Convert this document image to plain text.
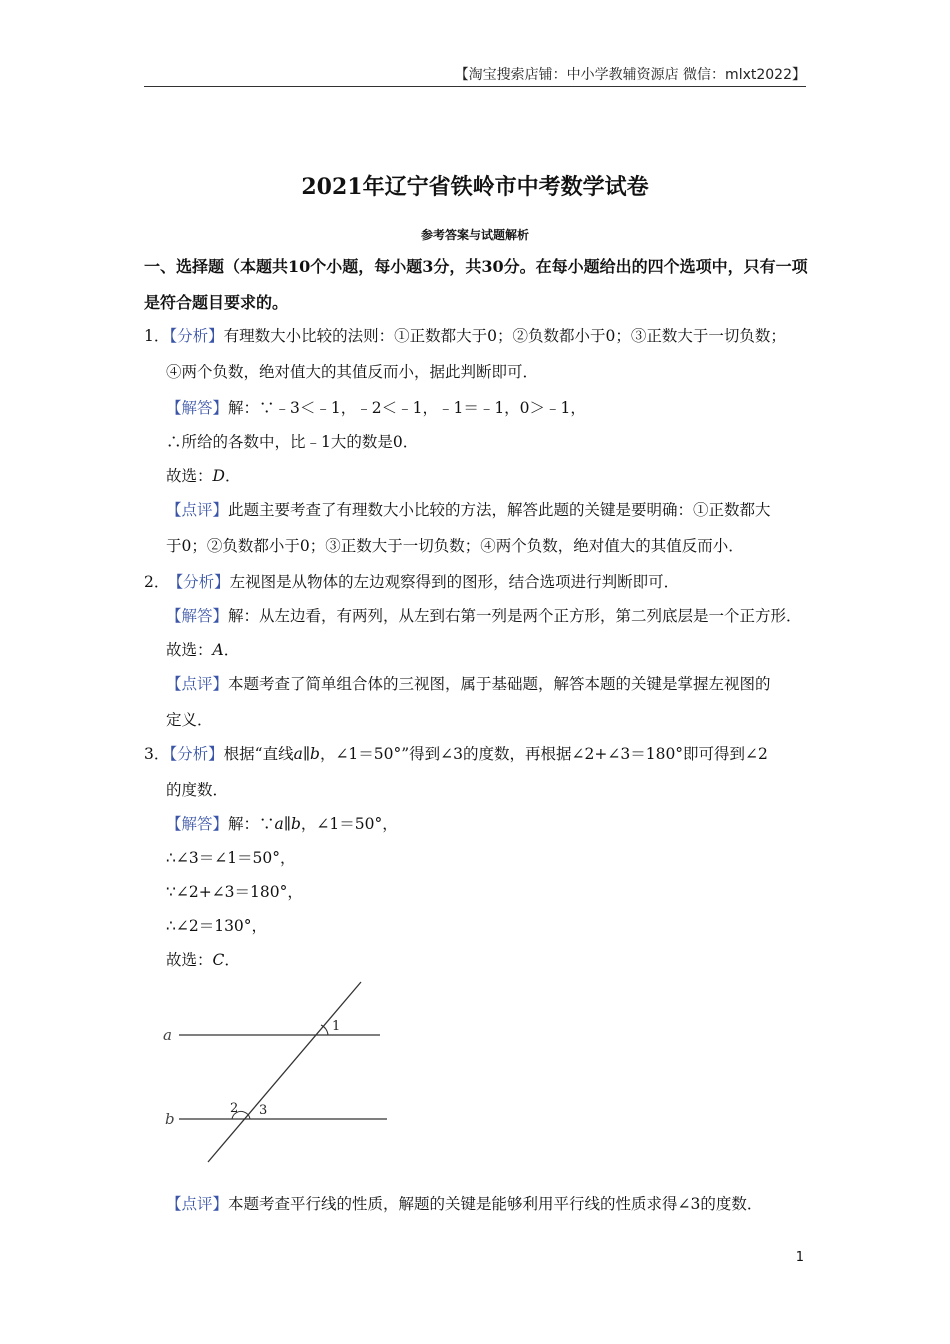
【淘宝搜索店铺：中小学教辅资源店 微信：mlxt2022】
2021年辽宁省铁岭市中考数学试卷
参考答案与试题解析
一、选择题（本题共10个小题，每小题3分，共30分。在每小题给出的四个选项中，只有一项
是符合题目要求的。
1．【分析】有理数大小比较的法则：①正数都大于0；②负数都小于0；③正数大于一切负数；
④两个负数，绝对值大的其值反而小，据此判断即可．
【解答】解：∵﹣3＜﹣1，﹣2＜﹣1，﹣1＝﹣1，0＞﹣1，
∴所给的各数中，比﹣1大的数是0．
故选：D．
【点评】此题主要考查了有理数大小比较的方法，解答此题的关键是要明确：①正数都大
于0；②负数都小于0；③正数大于一切负数；④两个负数，绝对值大的其值反而小．
2． 【分析】左视图是从物体的左边观察得到的图形，结合选项进行判断即可．
【解答】解：从左边看，有两列，从左到右第一列是两个正方形，第二列底层是一个正方形．
故选：A．
【点评】本题考查了简单组合体的三视图，属于基础题，解答本题的关键是掌握左视图的
定义．
3．【分析】根据“直线a∥b，∠1＝50°”得到∠3的度数，再根据∠2+∠3＝180°即可得到∠2
的度数．
【解答】解：∵a∥b，∠1＝50°，
∴∠3＝∠1＝50°，
∵∠2+∠3＝180°，
∴∠2＝130°，
故选：C．
a
b
1
2 3
【点评】本题考查平行线的性质，解题的关键是能够利用平行线的性质求得∠3的度数．
1
